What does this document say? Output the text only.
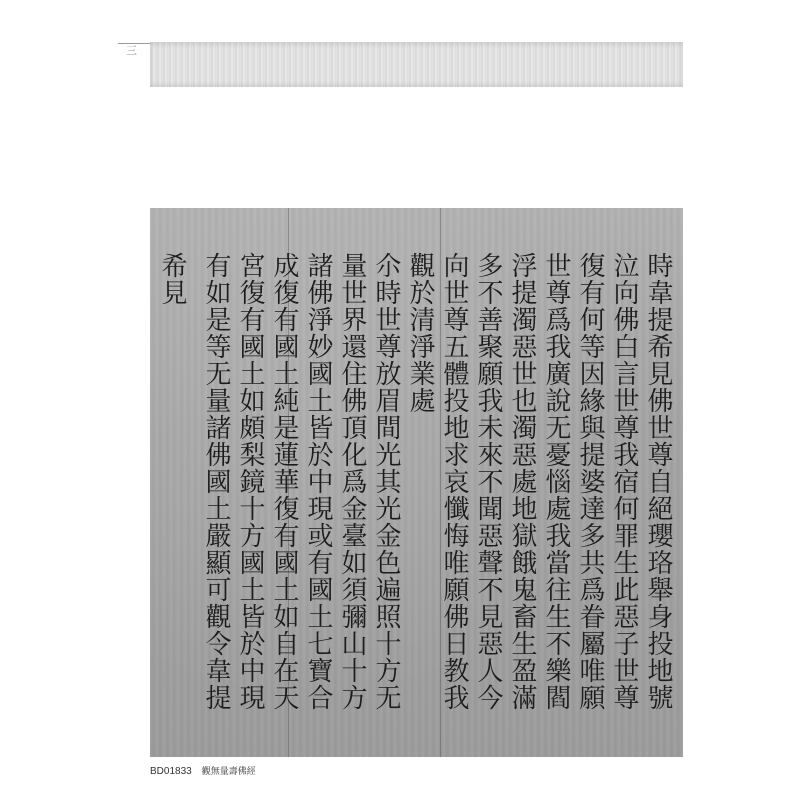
三
時韋提希見佛世尊自絕瓔珞舉身投地號
泣向佛白言世尊我宿何罪生此惡子世尊
復有何等因緣與提婆達多共爲眷屬唯願
世尊爲我廣說无憂惱處我當往生不樂閻
浮提濁惡世也濁惡處地獄餓鬼畜生盈滿
多不善聚願我未來不聞惡聲不見惡人今
向世尊五體投地求哀懺悔唯願佛日教我
觀於清淨業處
尒時世尊放眉間光其光金色遍照十方无
量世界還住佛頂化爲金臺如須彌山十方
諸佛淨妙國土皆於中現或有國土七寶合
成復有國土純是蓮華復有國土如自在天
宮復有國土如頗梨鏡十方國土皆於中現
有如是等无量諸佛國土嚴顯可觀令韋提
希見
BD01833 觀無量壽佛經
